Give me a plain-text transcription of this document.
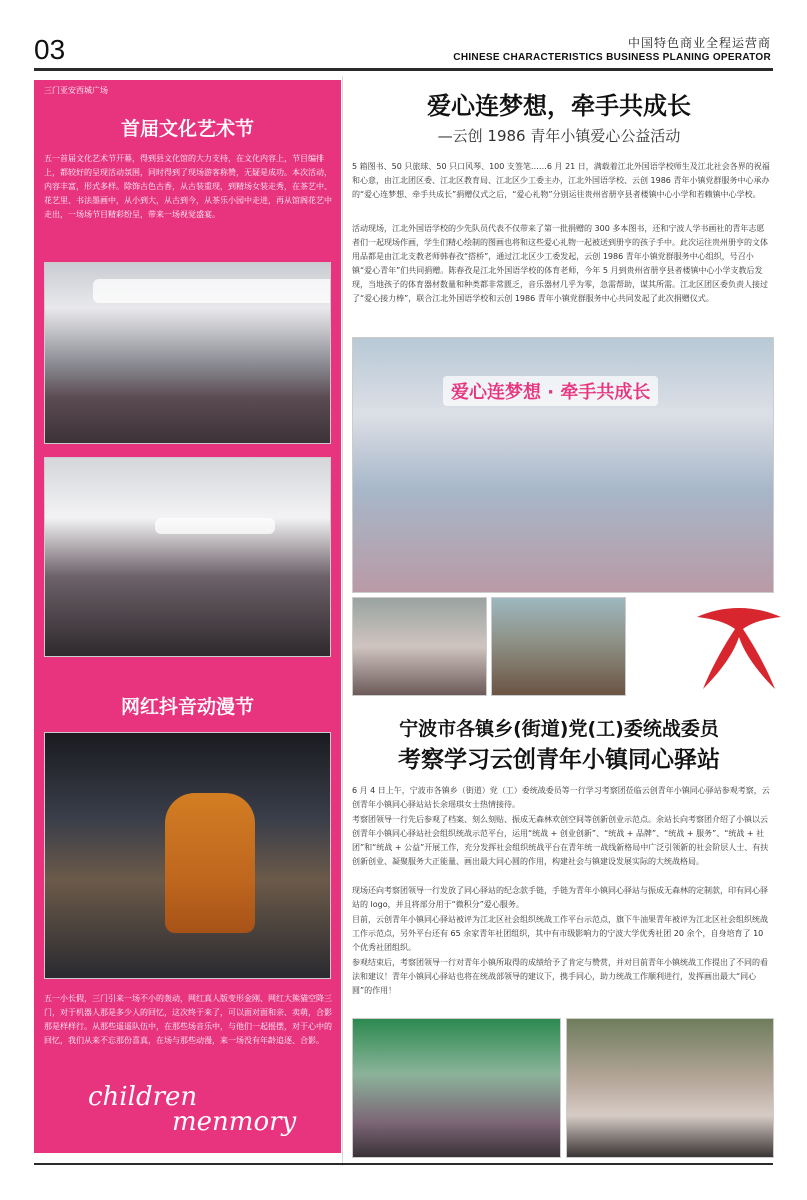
03	中国特色商业全程运营商
CHINESE CHARACTERISTICS BUSINESS PLANING OPERATOR
三门亚安西城广场
首届文化艺术节
五一首届文化艺术节开幕，得到县文化馆的大力支持，在文化内容上，节目编排上，都较好的呈现活动氛围，同时得到了现场游客称赞，无疑是成功。本次活动，内容丰富，形式多样。除饰古色古香，从古装重现，到精场女装走秀，在茶艺中、花艺里、书法墨画中，从小到大，从古到今，从茶乐小园中走进，再从馆阁花艺中走出，一场场节目精彩纷呈，带来一场视觉盛宴。
网红抖音动漫节
五一小长假，三门引来一场不小的轰动，网红真人版变形金刚、网红大熊猫空降三门，对于机器人那是多少人的回忆，这次终于来了，可以面对面和亲、卖萌，合影那是样样行。从那些遥遥队伍中，在那些场音乐中，与他们一起摇摆，对于心中的回忆，我们从来不忘那份喜真，在场与那些动漫，来一场没有年龄追逐、合影。
children
menmory
爱心连梦想，牵手共成长
—云创 1986 青年小镇爱心公益活动
5 箱图书、50 只旅球、50 只口风琴、100 支签笔……6 月 21 日，满载着江北外国语学校师生及江北社会各界的祝福和心意，由江北团区委、江北区教育局、江北区少工委主办，江北外国语学校、云创 1986 青年小镇党群服务中心承办的“爱心连梦想、牵手共成长”捐赠仪式之后，“爱心礼物”分别运往贵州省册亨县者楼镇中心小学和若赖镇中心学校。
活动现场，江北外国语学校的少先队员代表不仅带来了第一批捐赠的 300 多本图书，还和宁波人学书画社的青年志愿者们一起现场作画，学生们精心绘制的图画也将和这些爱心礼物一起被送到册亨的孩子手中。此次运往贵州册亨的文体用品都是由江北支教老师韩春孜“搭桥”，通过江北区少工委发起，云创 1986 青年小镇党群服务中心组织，号召小镇“爱心青年”们共同捐赠。陈春孜是江北外国语学校的体育老师，今年 5 月到贵州省册亨县者楼镇中心小学支教后发现，当地孩子的体育器材数量和种类都非常匮乏，音乐器材几乎为零，急需帮助，谋其所需。江北区团区委负责人接过了“爱心接力棒”，联合江北外国语学校和云创 1986 青年小镇党群服务中心共同发起了此次捐赠仪式。
爱心连梦想 · 牵手共成长
宁波市各镇乡(街道)党(工)委统战委员
考察学习云创青年小镇同心驿站
6 月 4 日上午，宁波市各镇乡（街道）党（工）委统战委员等一行学习考察团莅临云创青年小镇同心驿站参观考察，云创青年小镇同心驿站站长余瑶琪女士热情接待。
考察团领导一行先后参观了档案、刻么刻贴、振成无森林欢创空间等创新创业示范点。余站长向考察团介绍了小镇以云创青年小镇同心驿站社会组织统战示范平台，运用“统战 + 创业创新”、“统战 + 品牌”、“统战 + 服务”、“统战 + 社团”和“统战 + 公益”开展工作，充分发挥社会组织统战平台在青年统一战线新格局中广泛引领新的社会阶层人士、有扶创新创业、凝聚服务大正能量、画出最大同心圆的作用，构建社会与镇建设发展实际的大统战格局。
现场还向考察团领导一行发放了同心驿站的纪念款手链，手链为青年小镇同心驿站与振成无森林的定制款，印有同心驿站的 logo，并且将部分用于“微积分”爱心服务。
目前，云创青年小镇同心驿站被评为江北区社会组织统战工作平台示范点，旗下牛油果青年被评为江北区社会组织统战工作示范点，另外平台还有 65 余家青年社团组织，其中有市级影响力的宁波大学优秀社团 20 余个，自身培育了 10 个优秀社团组织。
参观结束后，考察团领导一行对青年小镇所取得的成绩给予了肯定与赞赏，并对目前青年小镇统战工作提出了不同的看法和建议！青年小镇同心驿站也将在统战部领导的建议下，携手同心，助力统战工作顺利进行，发挥画出最大“同心圆”的作用！
